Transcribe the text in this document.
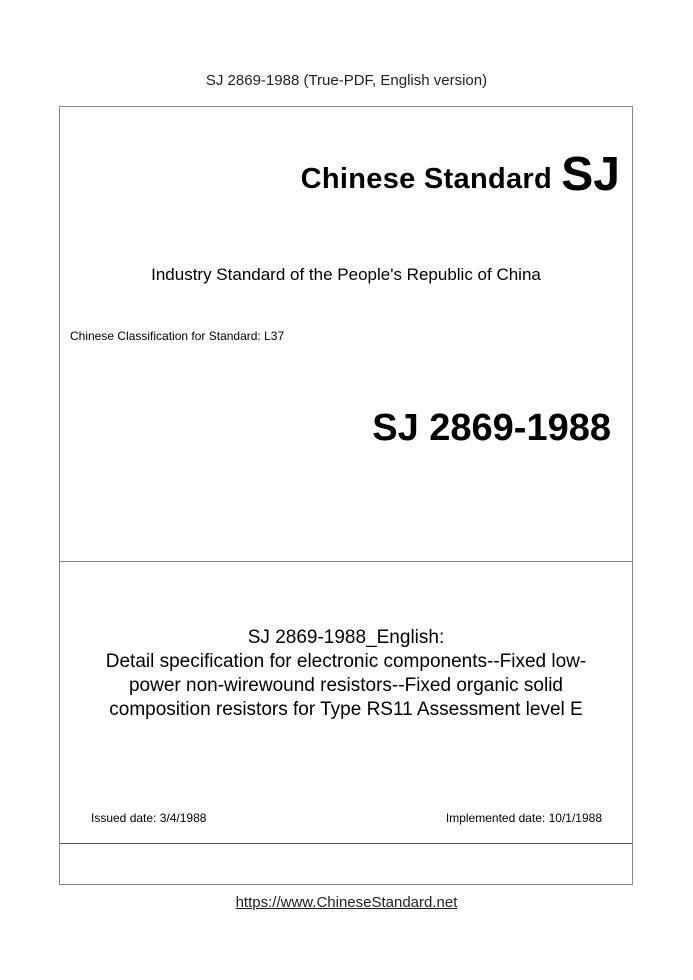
SJ 2869-1988 (True-PDF, English version)
Chinese Standard SJ
Industry Standard of the People's Republic of China
Chinese Classification for Standard: L37
SJ 2869-1988
SJ 2869-1988_English:
Detail specification for electronic components--Fixed low-
power non-wirewound resistors--Fixed organic solid
composition resistors for Type RS11 Assessment level E
Issued date: 3/4/1988	Implemented date: 10/1/1988
https://www.ChineseStandard.net
